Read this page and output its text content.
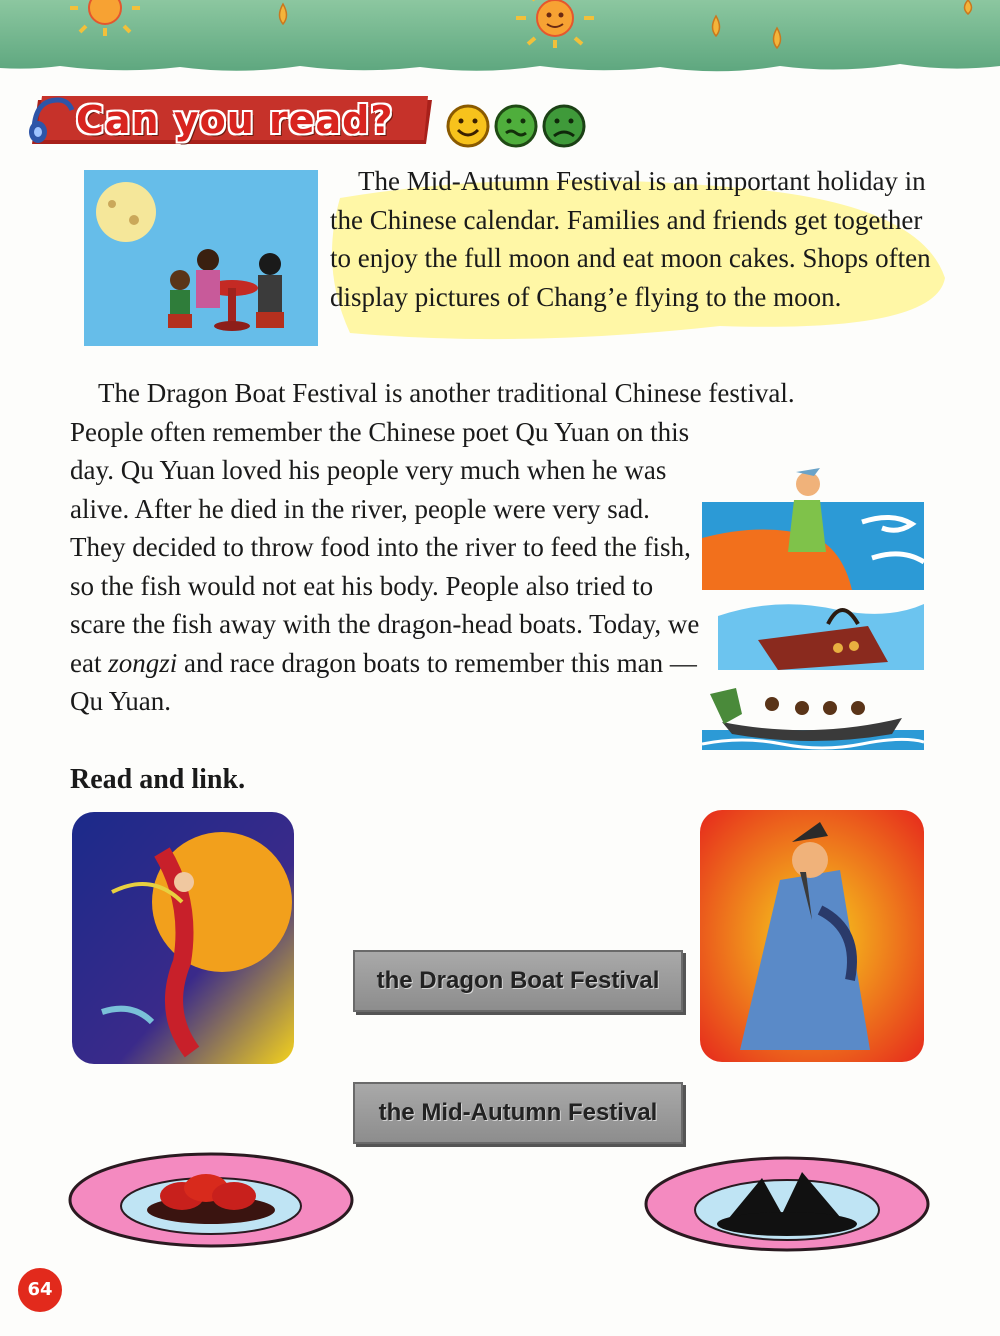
Can you read?

The Mid-Autumn Festival is an important holiday in the Chinese calendar. Families and friends get together to enjoy the full moon and eat moon cakes. Shops often display pictures of Chang’e flying to the moon.

The Dragon Boat Festival is another traditional Chinese festival.
People often remember the Chinese poet Qu Yuan on this day. Qu Yuan loved his people very much when he was alive. After he died in the river, people were very sad. They decided to throw food into the river to feed the fish, so the fish would not eat his body. People also tried to scare the fish away with the dragon-head boats. Today, we eat zongzi and race dragon boats to remember this man — Qu Yuan.

Read and link.
the Dragon Boat Festival
the Mid-Autumn Festival
64
